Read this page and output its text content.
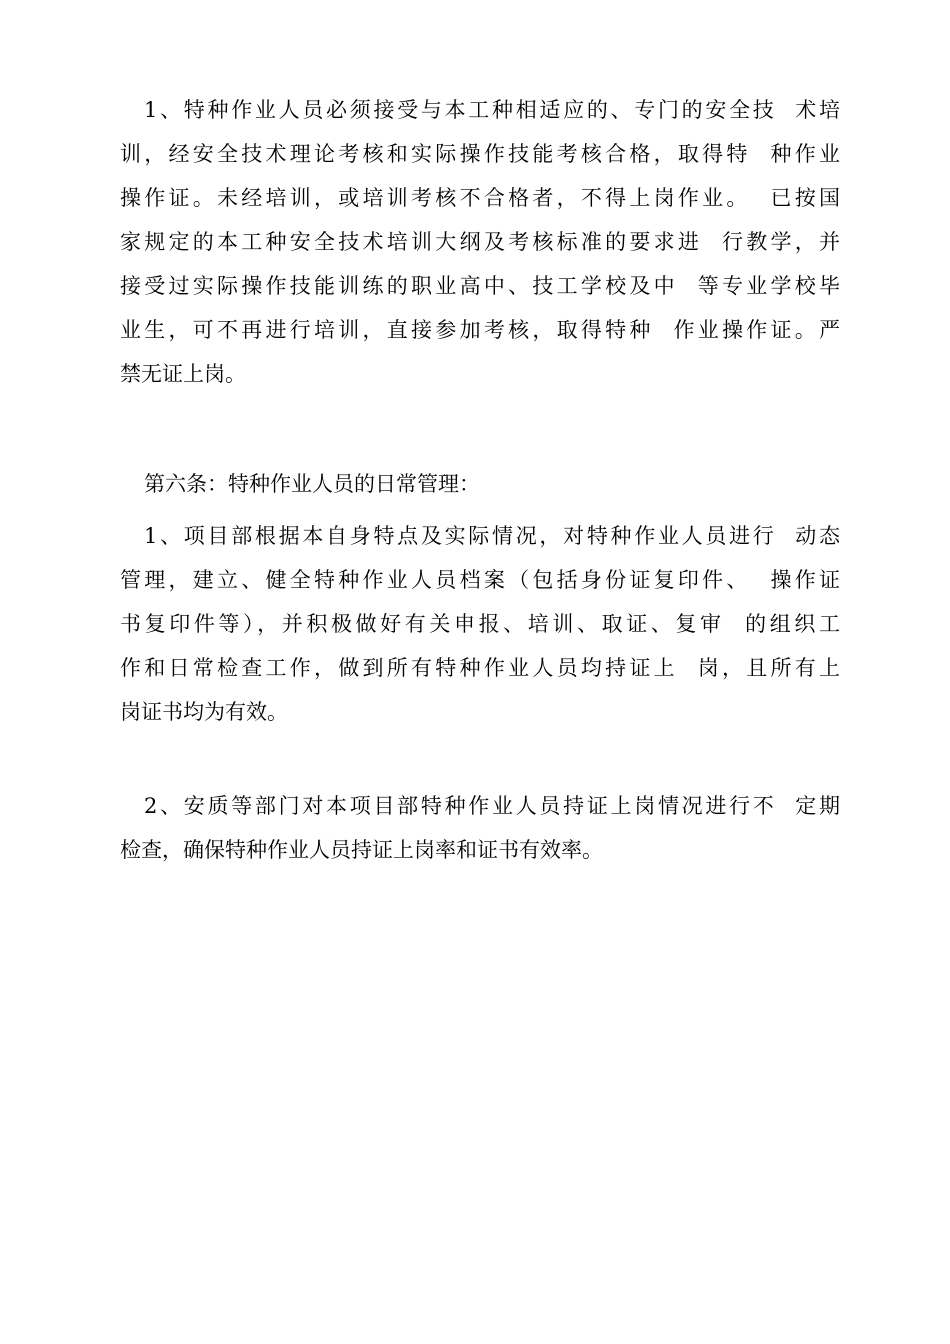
1、特种作业人员必须接受与本工种相适应的、专门的安全技  术培
训，经安全技术理论考核和实际操作技能考核合格，取得特  种作业
操作证。未经培训，或培训考核不合格者，不得上岗作业。  已按国
家规定的本工种安全技术培训大纲及考核标准的要求进  行教学，并
接受过实际操作技能训练的职业高中、技工学校及中  等专业学校毕
业生，可不再进行培训，直接参加考核，取得特种  作业操作证。严
禁无证上岗。
第六条：特种作业人员的日常管理：
1、项目部根据本自身特点及实际情况，对特种作业人员进行  动态
管理，建立、健全特种作业人员档案（包括身份证复印件、  操作证
书复印件等），并积极做好有关申报、培训、取证、复审  的组织工
作和日常检查工作，做到所有特种作业人员均持证上  岗，且所有上
岗证书均为有效。
2、安质等部门对本项目部特种作业人员持证上岗情况进行不  定期
检查，确保特种作业人员持证上岗率和证书有效率。
